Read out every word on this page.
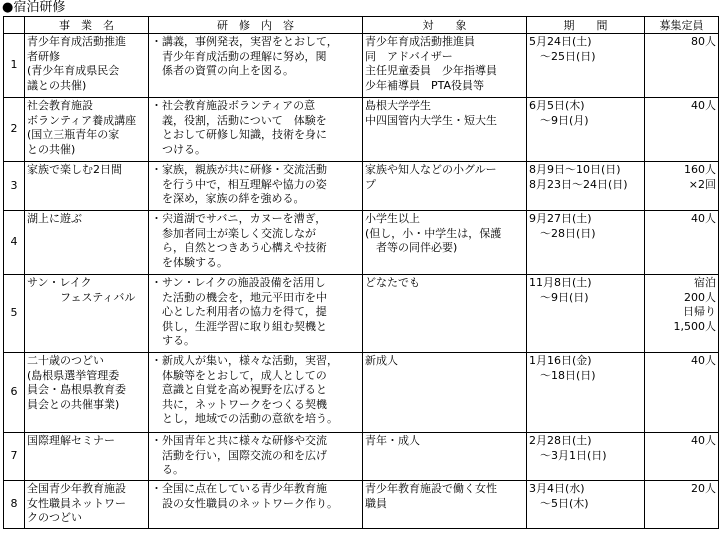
●宿泊研修
	事　業　名	研　修　内　容	対　　象	期　　間	募集定員
1	青少年育成活動推進
者研修
(青少年育成県民会
議との共催)	・講義，事例発表，実習をとおして，
　青少年育成活動の理解に努め，関
　係者の資質の向上を図る。	青少年育成活動推進員
同　アドバイザー
主任児童委員　少年指導員
少年補導員　PTA役員等	5月24日(土)
　〜25日(日)	80人
2	社会教育施設
ボランティア養成講座
(国立三瓶青年の家
との共催)	・社会教育施設ボランティアの意
　義，役割，活動について　体験を
　とおして研修し知識，技術を身に
　つける。	島根大学学生
中四国管内大学生・短大生	6月5日(木)
　〜9日(月)	40人
3	家族で楽しむ2日間	・家族，親族が共に研修・交流活動
　を行う中で，相互理解や協力の姿
　を深め，家族の絆を強める。	家族や知人などの小グルー
プ	8月9日〜10日(日)
8月23日〜24日(日)	160人
×2回
4	湖上に遊ぶ	・宍道湖でサバニ，カヌーを漕ぎ，
　参加者同士が楽しく交流しなが
　ら，自然とつきあう心構えや技術
　を体験する。	小学生以上
(但し，小・中学生は，保護
　者等の同伴必要)	9月27日(土)
　〜28日(日)	40人
5	サン・レイク
　　　フェスティバル	・サン・レイクの施設設備を活用し
　た活動の機会を，地元平田市を中
　心とした利用者の協力を得て，提
　供し，生涯学習に取り組む契機と
　する。	どなたでも	11月8日(土)
　〜9日(日)	宿泊
200人
日帰り
1,500人
6	二十歳のつどい
(島根県選挙管理委
員会・島根県教育委
員会との共催事業)	・新成人が集い，様々な活動，実習，
　体験等をとおして，成人としての
　意識と自覚を高め視野を広げると
　共に，ネットワークをつくる契機
　とし，地域での活動の意欲を培う。	新成人	1月16日(金)
　〜18日(日)	40人
7	国際理解セミナー	・外国青年と共に様々な研修や交流
　活動を行い，国際交流の和を広げ
　る。	青年・成人	2月28日(土)
　〜3月1日(日)	40人
8	全国青少年教育施設
女性職員ネットワー
クのつどい	・全国に点在している青少年教育施
　設の女性職員のネットワーク作り。	青少年教育施設で働く女性
職員	3月4日(水)
　〜5日(木)	20人
